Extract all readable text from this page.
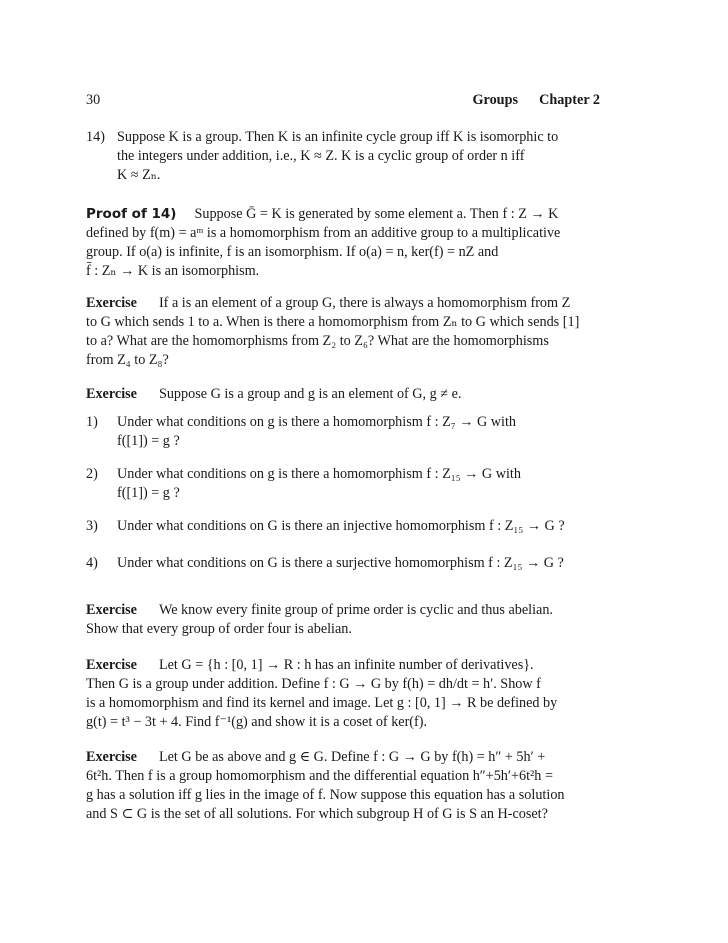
30	Groups Chapter 2
14) Suppose K is a group. Then K is an infinite cycle group iff K is isomorphic to
the integers under addition, i.e., K ≈ Z. K is a cyclic group of order n iff
K ≈ Zₙ.
Proof of 14) Suppose Ḡ = K is generated by some element a. Then f : Z → K
defined by f(m) = aᵐ is a homomorphism from an additive group to a multiplicative
group. If o(a) is infinite, f is an isomorphism. If o(a) = n, ker(f) = nZ and
f̄ : Zₙ → K is an isomorphism.
Exercise If a is an element of a group G, there is always a homomorphism from Z
to G which sends 1 to a. When is there a homomorphism from Zₙ to G which sends [1]
to a? What are the homomorphisms from Z₂ to Z₆? What are the homomorphisms
from Z₄ to Z₈?
Exercise Suppose G is a group and g is an element of G, g ≠ e.
1) Under what conditions on g is there a homomorphism f : Z₇ → G with
f([1]) = g ?
2) Under what conditions on g is there a homomorphism f : Z₁₅ → G with
f([1]) = g ?
3) Under what conditions on G is there an injective homomorphism f : Z₁₅ → G ?
4) Under what conditions on G is there a surjective homomorphism f : Z₁₅ → G ?
Exercise We know every finite group of prime order is cyclic and thus abelian.
Show that every group of order four is abelian.
Exercise Let G = {h : [0, 1] → R : h has an infinite number of derivatives}.
Then G is a group under addition. Define f : G → G by f(h) = dh/dt = h′. Show f
is a homomorphism and find its kernel and image. Let g : [0, 1] → R be defined by
g(t) = t³ − 3t + 4. Find f⁻¹(g) and show it is a coset of ker(f).
Exercise Let G be as above and g ∈ G. Define f : G → G by f(h) = h″ + 5h′ +
6t²h. Then f is a group homomorphism and the differential equation h″+5h′+6t²h =
g has a solution iff g lies in the image of f. Now suppose this equation has a solution
and S ⊂ G is the set of all solutions. For which subgroup H of G is S an H-coset?
